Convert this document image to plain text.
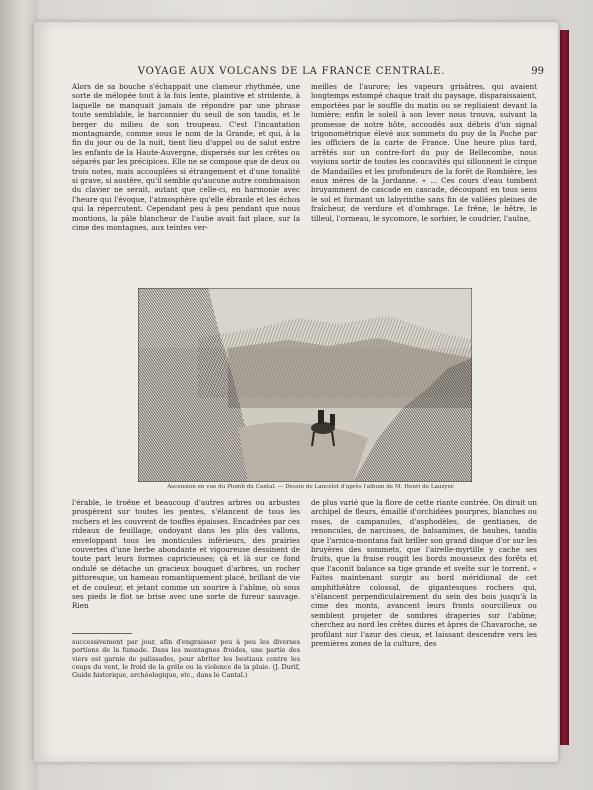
VOYAGE AUX VOLCANS DE LA FRANCE CENTRALE.	99

Alors de sa bouche s'échappait une clameur rhythmée, une sorte de mélopée tout à la fois lente, plaintive et stridente, à laquelle ne manquait jamais de répondre par une phrase toute semblable, le barconnier du seuil de son taudis, et le berger du milieu de son troupeau. C'est l'incantation montagnarde, comme sous le nom de la Grande, et qui, à la fin du jour ou de la nuit, tient lieu d'appel ou de salut entre les enfants de la Haute-Auvergne, dispersés sur les crêtes ou séparés par les précipices. Elle ne se compose que de deux ou trois notes, mais accouplées si étrangement et d'une tonalité si grave, si austère, qu'il semble qu'aucune autre combinaison du clavier ne serait, autant que celle-ci, en harmonie avec l'heure qui l'évoque, l'atmosphère qu'elle ébranle et les échos qui la répercutent. Cependant peu à peu pendant que nous montions, la pâle blancheur de l'aube avait fait place, sur la cime des montagnes, aux teintes ver-

meilles de l'aurore; les vapeurs grisâtres, qui avaient longtemps estompé chaque trait du paysage, disparaissaient, emportées par le souffle du matin ou se repliaient devant la lumière; enfin le soleil à son lever nous trouva, suivant la promesse de notre hôte, accoudés aux débris d'un signal trigonométrique élevé aux sommets du puy de la Poche par les officiers de la carte de France. Une heure plus tard, arrêtés sur un contre-fort du puy de Bellecombe, nous voyions sortir de toutes les concavités qui sillonnent le cirque de Mandailles et les profondeurs de la forêt de Rombière, les eaux mères de la Jordanne. « ... Ces cours d'eau tombent bruyamment de cascade en cascade, découpant en tous sens le sol et formant un labyrinthe sans fin de vallées pleines de fraîcheur, de verdure et d'ombrage. Le frêne, le hêtre, le tilleul, l'ormeau, le sycomore, le sorbier, le coudrier, l'aulne,

Ascension en vue du Plomb du Cantal. — Dessin de Lancelot d'après l'album de M. Henri de Lauzyer.

l'érable, le troëne et beaucoup d'autres arbres ou arbustes prospèrent sur toutes les pentes, s'élancent de tous les rochers et les couvrent de touffes épaisses. Encadrées par ces rideaux de feuillage, ondoyant dans les plis des vallons, enveloppant tous les monticules inférieurs, des prairies couvertes d'une herbe abondante et vigoureuse dessinent de toute part leurs formes capricieuses; çà et là sur ce fond ondulé se détache un gracieux bouquet d'arbres, un rocher pittoresque, un hameau romantiquement placé, brillant de vie et de couleur, et jetant comme un sourire à l'abîme, où sous ses pieds le flot se brise avec une sorte de fureur sauvage. Rien

de plus varié que la flore de cette riante contrée. On dirait un archipel de fleurs, émaillé d'orchidées pourpres, blanches ou roses, de campanules, d'asphodèles, de gentianes, de renoncules, de narcisses, de balsamines, de bauhes, tandis que l'arnica-montana fait briller son grand disque d'or sur les bruyères des sommets, que l'airelle-myrtille y cache ses fruits, que la fraise rougit les bords mousseux des forêts et que l'aconit balance sa tige grande et svelte sur le torrent. « Faites maintenant surgir au bord méridional de cet amphithéâtre colossal, de gigantesques rochers qui, s'élancent perpendiculairement du sein des bois jusqu'à la cime des monts, avancent leurs fronts sourcilleux ou semblent projeter de sombres draperies sur l'abîme; cherchez au nord les crêtes dures et âpres de Chavaroche, se profilant sur l'azur des cieux, et laissant descendre vers les premières zones de la culture, des

successivement par jour, afin d'engraisser peu à peu les diverses portions de la fumade. Dans les montagnes froides, une partie des viers est garnie de palissades, pour abriter les bestiaux contre les coups du vent, le froid de la grêle ou la violence de la pluie. (J. Durif, Guide historique, archéologique, etc., dans le Cantal.)
